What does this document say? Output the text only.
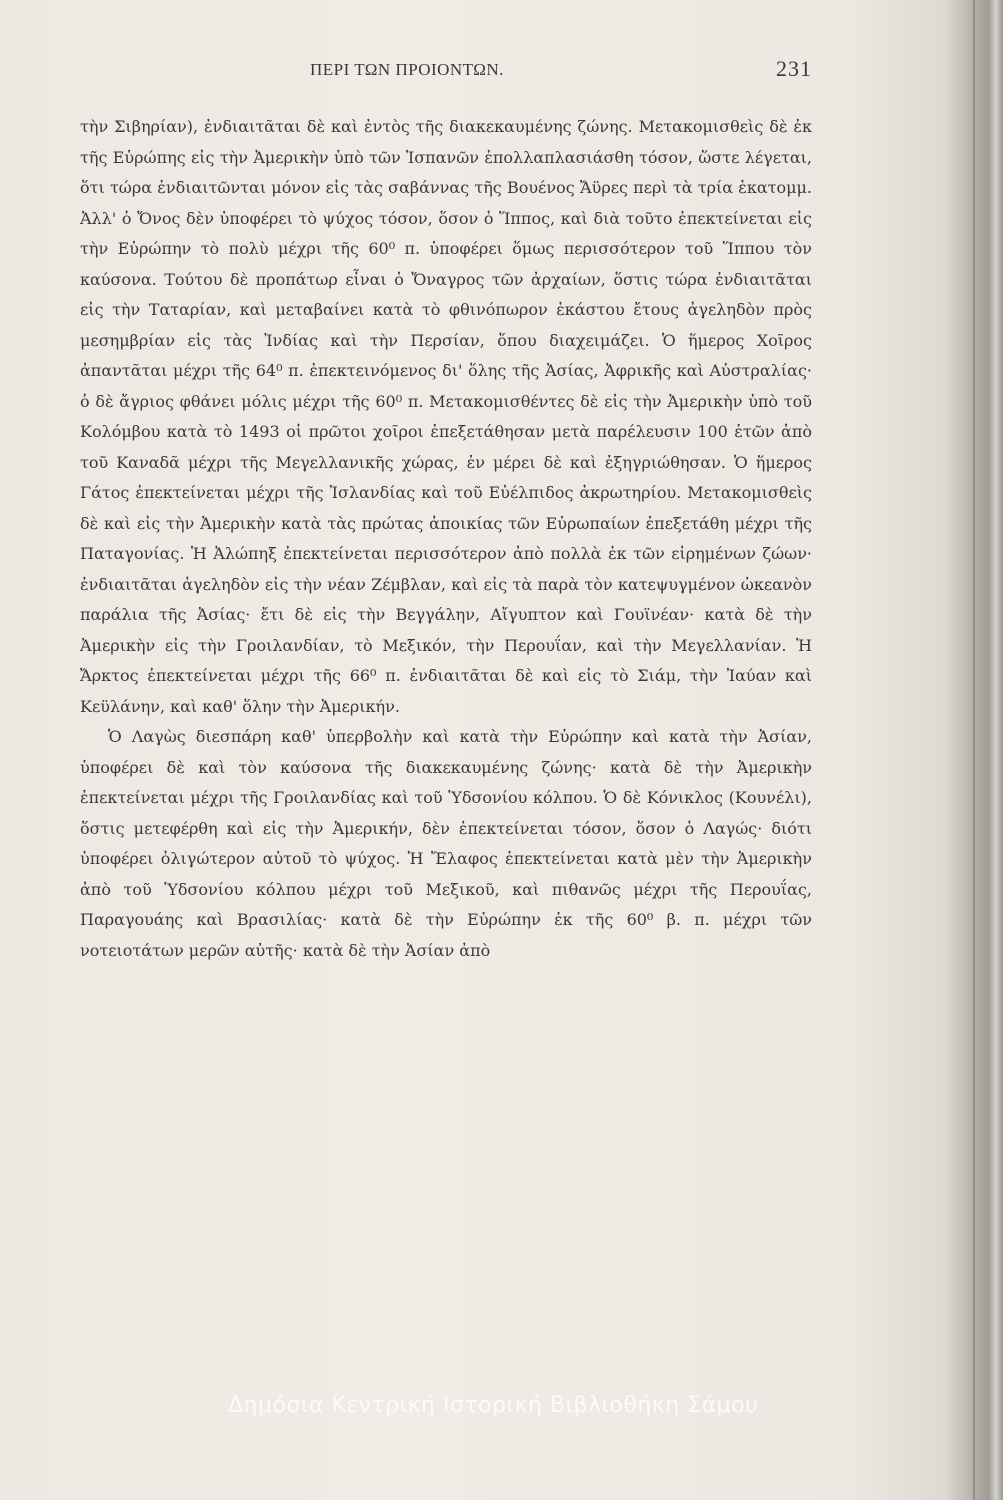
ΠΕΡΙ ΤΩΝ ΠΡΟΙΟΝΤΩΝ.	231

τὴν Σιβηρίαν), ἐνδιαιτᾶται δὲ καὶ ἐντὸς τῆς διακεκαυμένης ζώνης. Μετακομισθεὶς δὲ ἐκ τῆς Εὐρώπης εἰς τὴν Ἀμερικὴν ὑπὸ τῶν Ἱσπανῶν ἐπολλαπλασιάσθη τόσον, ὥστε λέγεται, ὅτι τώρα ἐνδιαιτῶνται μόνον εἰς τὰς σαβάννας τῆς Βουένος Ἄϋρες περὶ τὰ τρία ἑκατομμ. Ἀλλ' ὁ Ὄνος δὲν ὑποφέρει τὸ ψύχος τόσον, ὅσον ὁ Ἵππος, καὶ διὰ τοῦτο ἐπεκτείνεται εἰς τὴν Εὐρώπην τὸ πολὺ μέχρι τῆς 60⁰ π. ὑποφέρει ὅμως περισσότερον τοῦ Ἵππου τὸν καύσονα. Τούτου δὲ προπάτωρ εἶναι ὁ Ὄναγρος τῶν ἀρχαίων, ὅστις τώρα ἐνδιαιτᾶται εἰς τὴν Ταταρίαν, καὶ μεταβαίνει κατὰ τὸ φθινόπωρον ἑκάστου ἔτους ἀγεληδὸν πρὸς μεσημβρίαν εἰς τὰς Ἰνδίας καὶ τὴν Περσίαν, ὅπου διαχειμάζει. Ὁ ἥμερος Χοῖρος ἀπαντᾶται μέχρι τῆς 64⁰ π. ἐπεκτεινόμενος δι' ὅλης τῆς Ἀσίας, Ἀφρικῆς καὶ Αὐστραλίας· ὁ δὲ ἄγριος φθάνει μόλις μέχρι τῆς 60⁰ π. Μετακομισθέντες δὲ εἰς τὴν Ἀμερικὴν ὑπὸ τοῦ Κολόμβου κατὰ τὸ 1493 οἱ πρῶτοι χοῖροι ἐπεξετάθησαν μετὰ παρέλευσιν 100 ἐτῶν ἀπὸ τοῦ Καναδᾶ μέχρι τῆς Μεγελλανικῆς χώρας, ἐν μέρει δὲ καὶ ἐξηγριώθησαν. Ὁ ἥμερος Γάτος ἐπεκτείνεται μέχρι τῆς Ἰσλανδίας καὶ τοῦ Εὐέλπιδος ἀκρωτηρίου. Μετακομισθεὶς δὲ καὶ εἰς τὴν Ἀμερικὴν κατὰ τὰς πρώτας ἀποικίας τῶν Εὐρωπαίων ἐπεξετάθη μέχρι τῆς Παταγονίας. Ἡ Ἀλώπηξ ἐπεκτείνεται περισσότερον ἀπὸ πολλὰ ἐκ τῶν εἰρημένων ζώων· ἐνδιαιτᾶται ἀγεληδὸν εἰς τὴν νέαν Ζέμβλαν, καὶ εἰς τὰ παρὰ τὸν κατεψυγμένον ὠκεανὸν παράλια τῆς Ἀσίας· ἔτι δὲ εἰς τὴν Βεγγάλην, Αἴγυπτον καὶ Γουϊνέαν· κατὰ δὲ τὴν Ἀμερικὴν εἰς τὴν Γροιλανδίαν, τὸ Μεξικόν, τὴν Περουΐαν, καὶ τὴν Μεγελλανίαν. Ἡ Ἄρκτος ἐπεκτείνεται μέχρι τῆς 66⁰ π. ἐνδιαιτᾶται δὲ καὶ εἰς τὸ Σιάμ, τὴν Ἰαύαν καὶ Κεϋλάνην, καὶ καθ' ὅλην τὴν Ἀμερικήν.

Ὁ Λαγὼς διεσπάρη καθ' ὑπερβολὴν καὶ κατὰ τὴν Εὐρώπην καὶ κατὰ τὴν Ἀσίαν, ὑποφέρει δὲ καὶ τὸν καύσονα τῆς διακεκαυμένης ζώνης· κατὰ δὲ τὴν Ἀμερικὴν ἐπεκτείνεται μέχρι τῆς Γροιλανδίας καὶ τοῦ Ὑδσονίου κόλπου. Ὁ δὲ Κόνικλος (Κουνέλι), ὅστις μετεφέρθη καὶ εἰς τὴν Ἀμερικήν, δὲν ἐπεκτείνεται τόσον, ὅσον ὁ Λαγώς· διότι ὑποφέρει ὀλιγώτερον αὐτοῦ τὸ ψύχος. Ἡ Ἔλαφος ἐπεκτείνεται κατὰ μὲν τὴν Ἀμερικὴν ἀπὸ τοῦ Ὑδσονίου κόλπου μέχρι τοῦ Μεξικοῦ, καὶ πιθανῶς μέχρι τῆς Περουΐας, Παραγουάης καὶ Βρασιλίας· κατὰ δὲ τὴν Εὐρώπην ἐκ τῆς 60⁰ β. π. μέχρι τῶν νοτειοτάτων μερῶν αὐτῆς· κατὰ δὲ τὴν Ἀσίαν ἀπὸ

Δημόσια Κεντρική Ιστορική Βιβλιοθήκη Σάμου
